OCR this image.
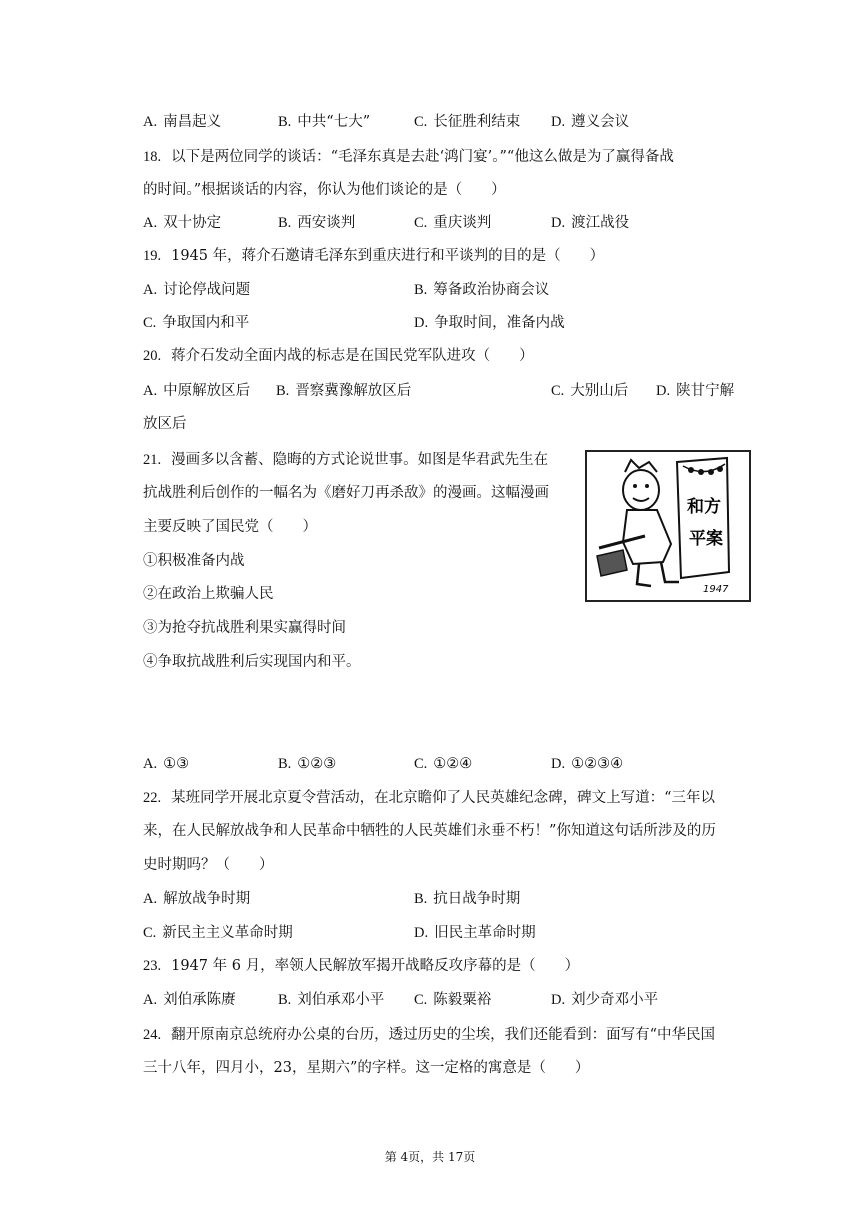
A. 南昌起义	B. 中共“七大”	C. 长征胜利结束 D. 遵义会议
18. 以下是两位同学的谈话：“毛泽东真是去赴‘鸿门宴’。”“他这么做是为了赢得备战
的时间。”根据谈话的内容，你认为他们谈论的是（　　）
A. 双十协定	B. 西安谈判	C. 重庆谈判	D. 渡江战役
19. 1945 年，蒋介石邀请毛泽东到重庆进行和平谈判的目的是（　　）
A. 讨论停战问题	B. 筹备政治协商会议
C. 争取国内和平	D. 争取时间，准备内战
20. 蒋介石发动全面内战的标志是在国民党军队进攻（　　）
A. 中原解放区后 B. 晋察冀豫解放区后	C. 大别山后 D. 陕甘宁解
放区后
21. 漫画多以含蓄、隐晦的方式论说世事。如图是华君武先生在
抗战胜利后创作的一幅名为《磨好刀再杀敌》的漫画。这幅漫画
主要反映了国民党（　　）
①积极准备内战
②在政治上欺骗人民
③为抢夺抗战胜利果实赢得时间
④争取抗战胜利后实现国内和平。
和方
平案
1947
A. ①③	B. ①②③	C. ①②④	D. ①②③④
22. 某班同学开展北京夏令营活动，在北京瞻仰了人民英雄纪念碑，碑文上写道：“三年以
来，在人民解放战争和人民革命中牺牲的人民英雄们永垂不朽！”你知道这句话所涉及的历
史时期吗？（　　）
A. 解放战争时期	B. 抗日战争时期
C. 新民主主义革命时期	D. 旧民主革命时期
23. 1947 年 6 月，率领人民解放军揭开战略反攻序幕的是（　　）
A. 刘伯承陈赓	B. 刘伯承邓小平 C. 陈毅粟裕	D. 刘少奇邓小平
24. 翻开原南京总统府办公桌的台历，透过历史的尘埃，我们还能看到：面写有“中华民国
三十八年，四月小，23，星期六”的字样。这一定格的寓意是（　　）
第 4页，共 17页
